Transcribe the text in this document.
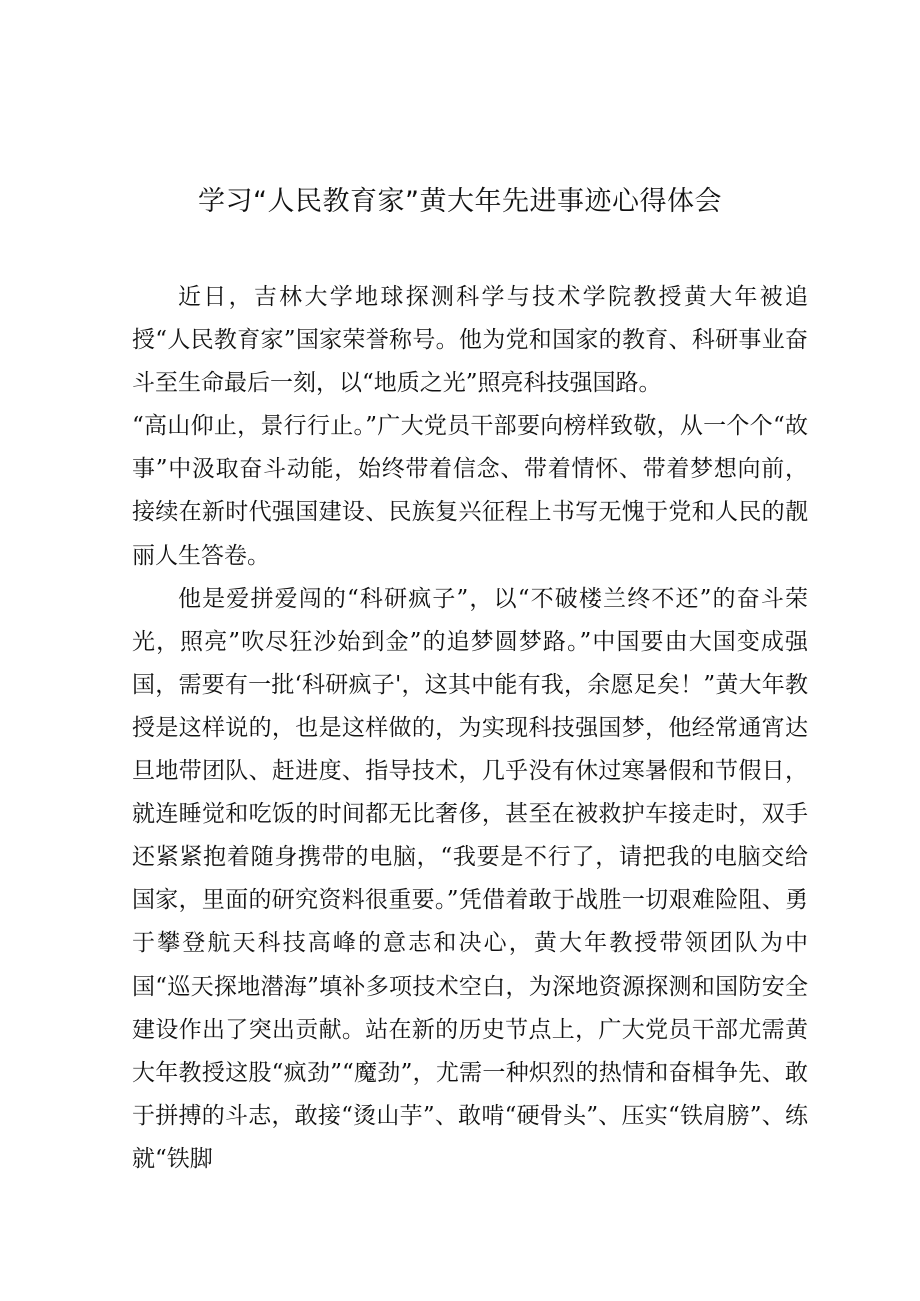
学习“人民教育家”黄大年先进事迹心得体会

近日，吉林大学地球探测科学与技术学院教授黄大年被追授“人民教育家”国家荣誉称号。他为党和国家的教育、科研事业奋斗至生命最后一刻，以“地质之光”照亮科技强国路。

“高山仰止，景行行止。”广大党员干部要向榜样致敬，从一个个“故事”中汲取奋斗动能，始终带着信念、带着情怀、带着梦想向前，接续在新时代强国建设、民族复兴征程上书写无愧于党和人民的靓丽人生答卷。

他是爱拼爱闯的“科研疯子”，以“不破楼兰终不还”的奋斗荣光，照亮”吹尽狂沙始到金”的追梦圆梦路。”中国要由大国变成强国，需要有一批‘科研疯子'，这其中能有我，余愿足矣！”黄大年教授是这样说的，也是这样做的，为实现科技强国梦，他经常通宵达旦地带团队、赶进度、指导技术，几乎没有休过寒暑假和节假日，就连睡觉和吃饭的时间都无比奢侈，甚至在被救护车接走时，双手还紧紧抱着随身携带的电脑，“我要是不行了，请把我的电脑交给国家，里面的研究资料很重要。”凭借着敢于战胜一切艰难险阻、勇于攀登航天科技高峰的意志和决心，黄大年教授带领团队为中国“巡天探地潜海”填补多项技术空白，为深地资源探测和国防安全建设作出了突出贡献。站在新的历史节点上，广大党员干部尤需黄大年教授这股“疯劲”“魔劲”，尤需一种炽烈的热情和奋楫争先、敢于拼搏的斗志，敢接“烫山芋”、敢啃“硬骨头”、压实“铁肩膀”、练就“铁脚
